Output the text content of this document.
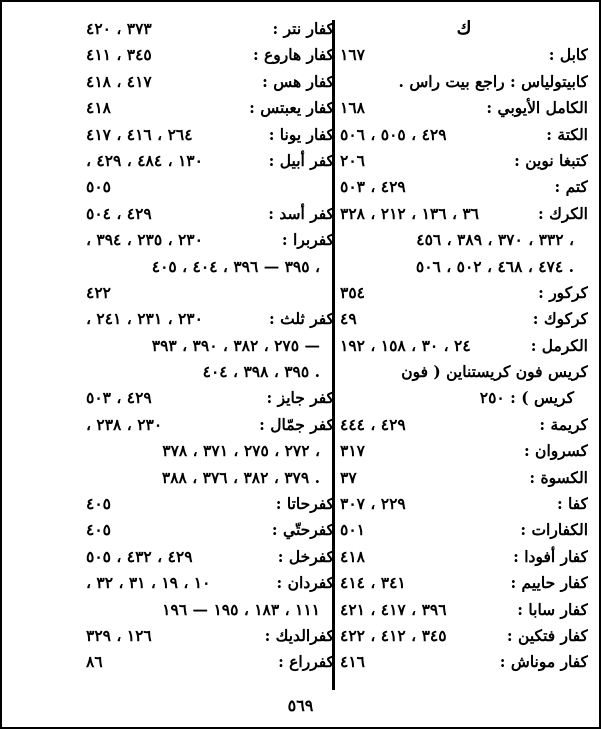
ك
كابل :
١٦٧
كابيتولياس : راجع بيت راس .
الكامل الأيوبي :
١٦٨
الكتة :
٤٢٩ ، ٥٠٥ ، ٥٠٦
كتبغا نوين :
٢٠٦
كتم :
٤٢٩ ، ٥٠٣
الكرك :
٣٦ ، ١٣٦ ، ٢١٢ ، ٣٢٨
٣٣٢ ، ٣٧٠ ، ٣٨٩ ، ٤٥٦ ،
٤٧٤ ، ٤٦٨ ، ٥٠٢ ، ٥٠٦ .
كركور :
٣٥٤
كركوك :
٤٩
الكرمل :
٢٤ ، ٣٠ ، ١٥٨ ، ١٩٢
كريس فون كريستناين ( فون
كريس ) : ٢٥٠
كريمة :
٤٢٩ ، ٤٤٤
كسروان :
٣١٧
الكسوة :
٣٧
كفا :
٢٢٩ ، ٣٠٧
الكفارات :
٥٠١
كفار أفودا :
٤١٨
كفار حاييم :
٣٤١ ، ٤١٤
كفار سابا :
٣٩٦ ، ٤١٧ ، ٤٢١
كفار فتكين :
٣٤٥ ، ٤١٢ ، ٤٢٢
كفار موناش :
٤١٦
كفار نتر :
٣٧٣ ، ٤٢٠
كفار هاروع :
٣٤٥ ، ٤١١
كفار هس :
٤١٧ ، ٤١٨
كفار يعبتس :
٤١٨
كفار يونا :
٢٦٤ ، ٤١٦ ، ٤١٧
كفر أبيل :
١٣٠ ، ٤٨٤ ، ٤٢٩ ،
٥٠٥
كفر أسد :
٤٢٩ ، ٥٠٤
كفربرا :
٢٣٠ ، ٢٣٥ ، ٣٩٤ ،
٣٩٥ — ٣٩٦ ، ٤٠٤ ، ٤٠٥ ،
٤٢٢
كفر ثلث :
٢٣٠ ، ٢٣١ ، ٢٤١ ،
٢٧٥ ، ٣٨٢ ، ٣٩٠ ، ٣٩٣ —
٣٩٥ ، ٣٩٨ ، ٤٠٤ .
كفر جايز :
٤٢٩ ، ٥٠٣
كفر جمّال :
٢٣٠ ، ٢٣٨ ،
٢٧٢ ، ٢٧٥ ، ٣٧١ ، ٣٧٨ ،
٣٧٩ ، ٣٨٢ ، ٣٧٦ ، ٣٨٨ .
كفرحاتا :
٤٠٥
كفرحتّي :
٤٠٥
كفرخل :
٤٢٩ ، ٤٣٢ ، ٥٠٥
كفردان :
١٠ ، ١٩ ، ٣١ ، ٣٢ ،
١١١ ، ١٨٣ ، ١٩٥ — ١٩٦
كفرالديك :
١٢٦ ، ٣٢٩
كفرراع :
٨٦
٥٦٩
